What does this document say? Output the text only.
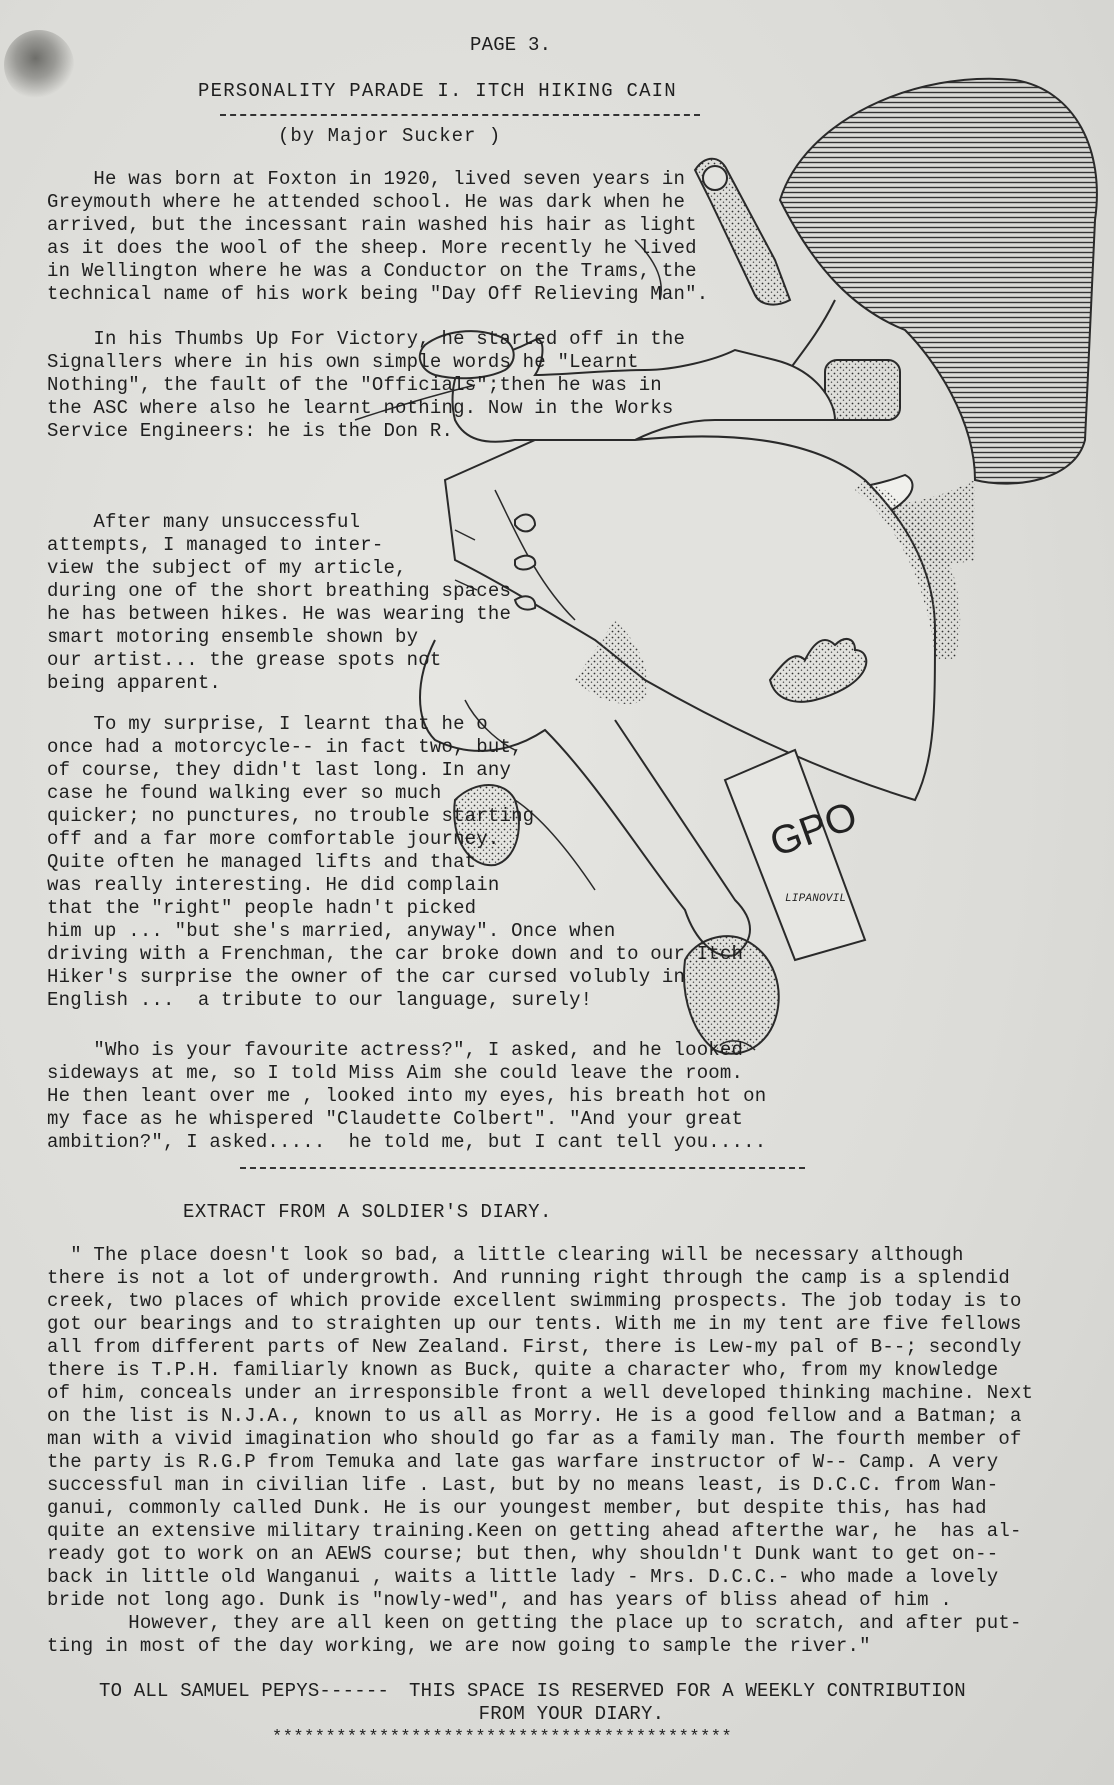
PAGE 3.

PERSONALITY PARADE I. ITCH HIKING CAIN

(by Major Sucker )

GPO

LIPANOVIL

He was born at Foxton in 1920, lived seven years in
Greymouth where he attended school. He was dark when he
arrived, but the incessant rain washed his hair as light
as it does the wool of the sheep. More recently he lived
in Wellington where he was a Conductor on the Trams, the
technical name of his work being "Day Off Relieving Man".

In his Thumbs Up For Victory, he started off in the
Signallers where in his own simple words he "Learnt
Nothing", the fault of the "Officials";then he was in
the ASC where also he learnt nothing. Now in the Works
Service Engineers: he is the Don R.

After many unsuccessful
attempts, I managed to inter-
view the subject of my article,
during one of the short breathing spaces
he has between hikes. He was wearing the
smart motoring ensemble shown by
our artist... the grease spots not
being apparent.

To my surprise, I learnt that he o
once had a motorcycle-- in fact two, but,
of course, they didn't last long. In any
case he found walking ever so much
quicker; no punctures, no trouble starting
off and a far more comfortable journey.
Quite often he managed lifts and that
was really interesting. He did complain
that the "right" people hadn't picked
him up ... "but she's married, anyway". Once when
driving with a Frenchman, the car broke down and to our Itch
Hiker's surprise the owner of the car cursed volubly in
English ...  a tribute to our language, surely!

"Who is your favourite actress?", I asked, and he looked
sideways at me, so I told Miss Aim she could leave the room.
He then leant over me , looked into my eyes, his breath hot on
my face as he whispered "Claudette Colbert". "And your great
ambition?", I asked.....  he told me, but I cant tell you.....

EXTRACT FROM A SOLDIER'S DIARY.

" The place doesn't look so bad, a little clearing will be necessary although
there is not a lot of undergrowth. And running right through the camp is a splendid
creek, two places of which provide excellent swimming prospects. The job today is to
got our bearings and to straighten up our tents. With me in my tent are five fellows
all from different parts of New Zealand. First, there is Lew-my pal of B--; secondly
there is T.P.H. familiarly known as Buck, quite a character who, from my knowledge
of him, conceals under an irresponsible front a well developed thinking machine. Next
on the list is N.J.A., known to us all as Morry. He is a good fellow and a Batman; a
man with a vivid imagination who should go far as a family man. The fourth member of
the party is R.G.P from Temuka and late gas warfare instructor of W-- Camp. A very
successful man in civilian life . Last, but by no means least, is D.C.C. from Wan-
ganui, commonly called Dunk. He is our youngest member, but despite this, has had
quite an extensive military training.Keen on getting ahead afterthe war, he  has al-
ready got to work on an AEWS course; but then, why shouldn't Dunk want to get on--
back in little old Wanganui , waits a little lady - Mrs. D.C.C.- who made a lovely
bride not long ago. Dunk is "nowly-wed", and has years of bliss ahead of him .
However, they are all keen on getting the place up to scratch, and after put-
ting in most of the day working, we are now going to sample the river."

TO ALL SAMUEL PEPYS------ THIS SPACE IS RESERVED FOR A WEEKLY CONTRIBUTION
FROM YOUR DIARY.

*******************************************
